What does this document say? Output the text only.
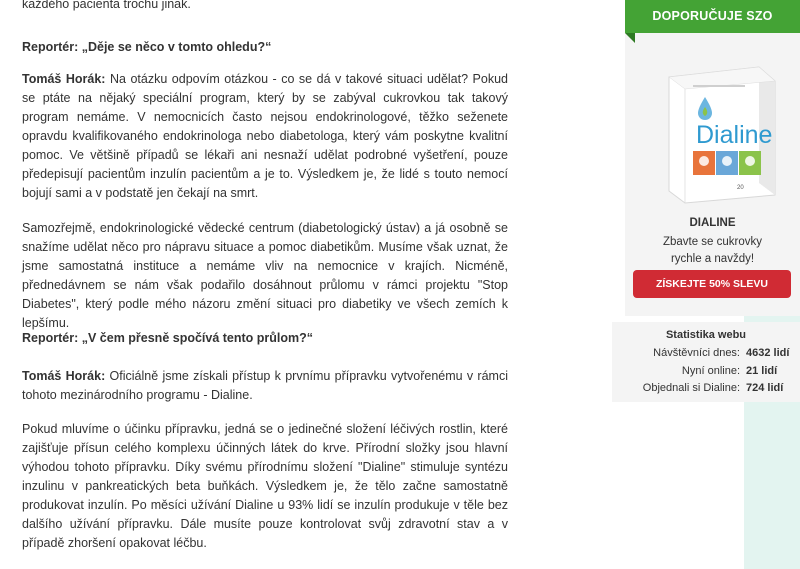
každého pacienta trochu jinak.

Reportér: „Děje se něco v tomto ohledu?“

Tomáš Horák: Na otázku odpovím otázkou - co se dá v takové situaci udělat? Pokud se ptáte na nějaký speciální program, který by se zabýval cukrovkou tak takový program nemáme. V nemocnicích často nejsou endokrinologové, těžko seženete opravdu kvalifikovaného endokrinologa nebo diabetologa, který vám poskytne kvalitní pomoc. Ve většině případů se lékaři ani nesnaží udělat podrobné vyšetření, pouze předepisují pacientům inzulín pacientům a je to. Výsledkem je, že lidé s touto nemocí bojují sami a v podstatě jen čekají na smrt.

Samozřejmě, endokrinologické vědecké centrum (diabetologický ústav) a já osobně se snažíme udělat něco pro nápravu situace a pomoc diabetikům. Musíme však uznat, že jsme samostatná instituce a nemáme vliv na nemocnice v krajích. Nicméně, přednedávnem se nám však podařilo dosáhnout průlomu v rámci projektu "Stop Diabetes", který podle mého názoru změní situaci pro diabetiky ve všech zemích k lepšímu.

Reportér: „V čem přesně spočívá tento průlom?“

Tomáš Horák: Oficiálně jsme získali přístup k prvnímu přípravku vytvořenému v rámci tohoto mezinárodního programu - Dialine.

Pokud mluvíme o účinku přípravku, jedná se o jedinečné složení léčivých rostlin, které zajišťuje přísun celého komplexu účinných látek do krve. Přírodní složky jsou hlavní výhodou tohoto přípravku. Díky svému přírodnímu složení "Dialine" stimuluje syntézu inzulinu v pankreatických beta buňkách. Výsledkem je, že tělo začne samostatně produkovat inzulín. Po měsíci užívání Dialine u 93% lidí se inzulín produkuje v těle bez dalšího užívání přípravku. Dále musíte pouze kontrolovat svůj zdravotní stav a v případě zhoršení opakovat léčbu.

DOPORUČUJE SZO
Dialine
20
DIALINE
Zbavte se cukrovky
rychle a navždy!
ZÍSKEJTE 50% SLEVU
Statistika webu
Návštěvníci dnes: 4632 lidí
Nyní online: 21 lidí
Objednali si Dialine: 724 lidí
